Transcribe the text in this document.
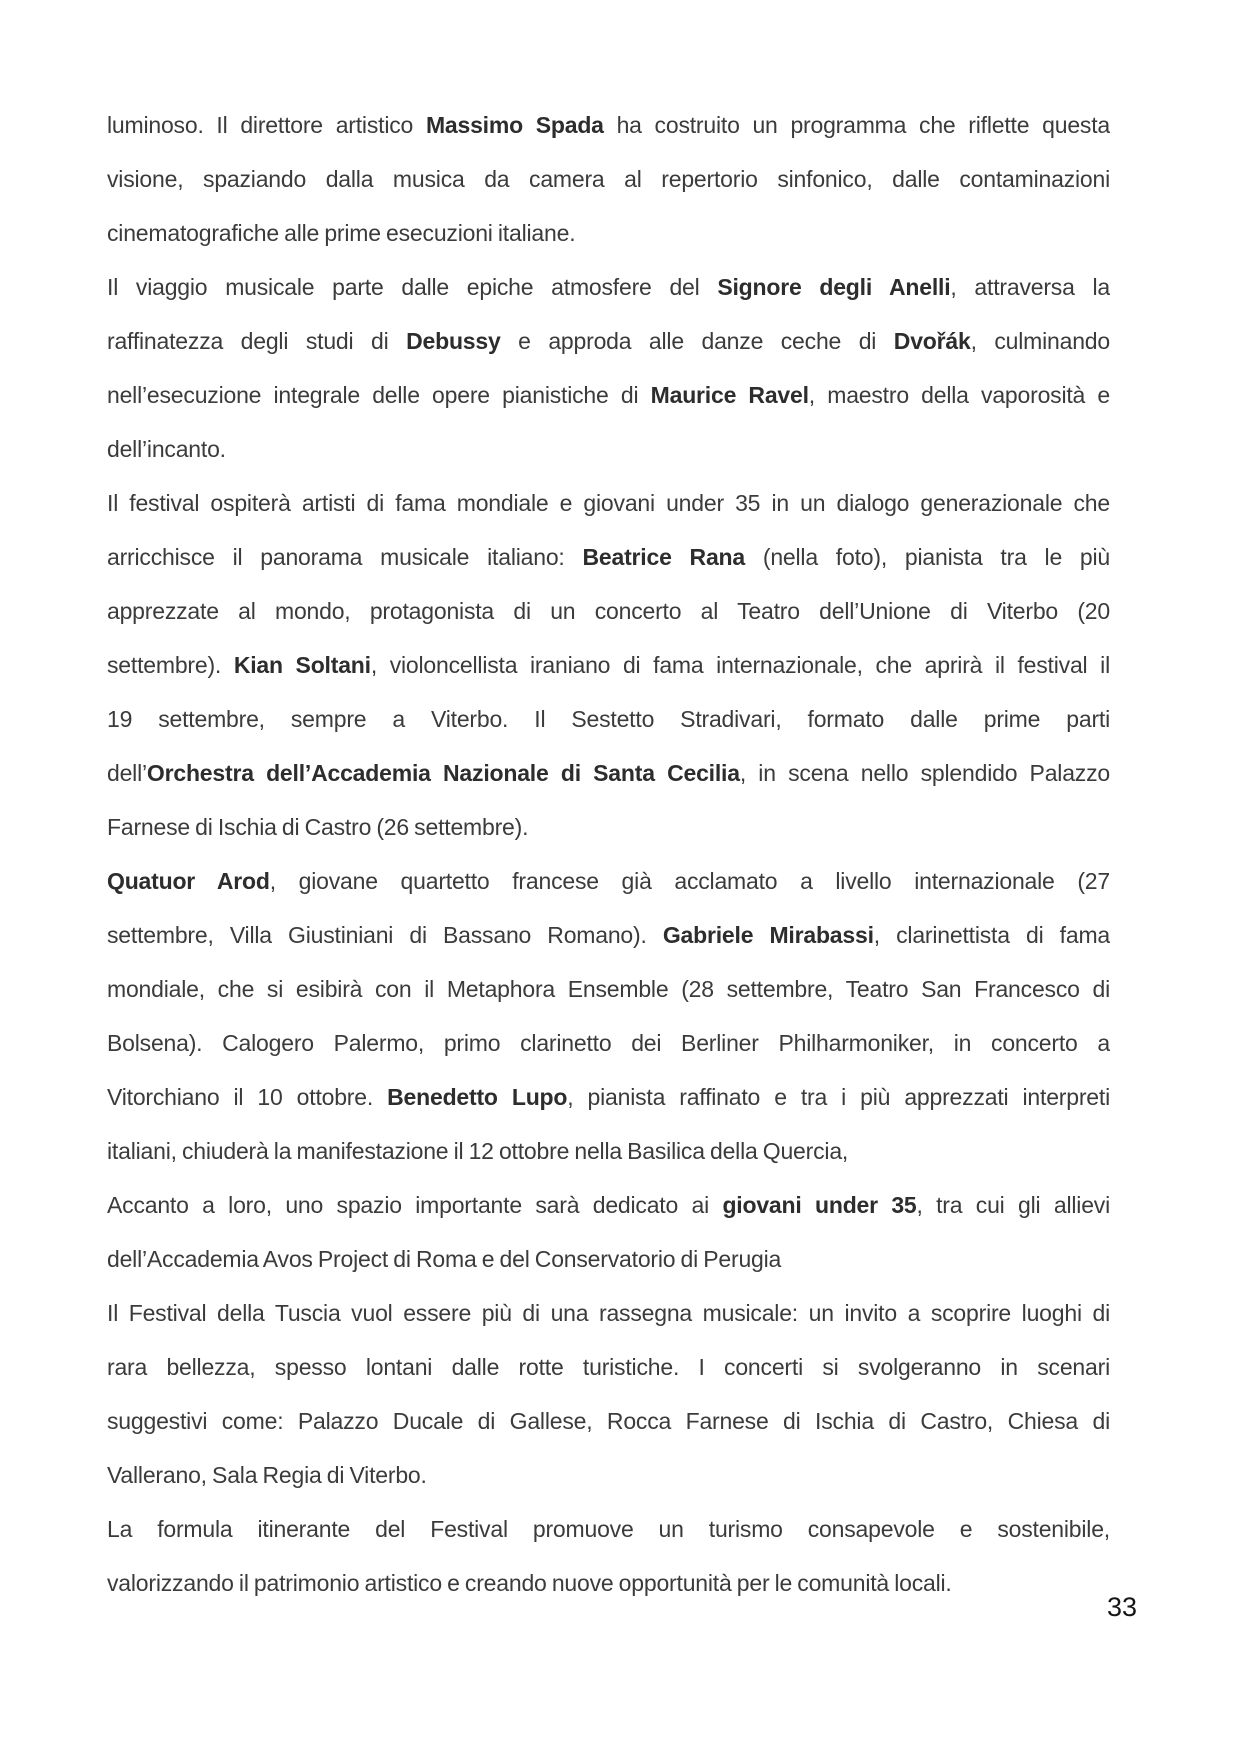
luminoso. Il direttore artistico Massimo Spada ha costruito un programma che riflette questa
visione, spaziando dalla musica da camera al repertorio sinfonico, dalle contaminazioni
cinematografiche alle prime esecuzioni italiane.
Il viaggio musicale parte dalle epiche atmosfere del Signore degli Anelli, attraversa la
raffinatezza degli studi di Debussy e approda alle danze ceche di Dvořák, culminando
nell’esecuzione integrale delle opere pianistiche di Maurice Ravel, maestro della vaporosità e
dell’incanto.
Il festival ospiterà artisti di fama mondiale e giovani under 35 in un dialogo generazionale che
arricchisce il panorama musicale italiano: Beatrice Rana (nella foto), pianista tra le più
apprezzate al mondo, protagonista di un concerto al Teatro dell’Unione di Viterbo (20
settembre). Kian Soltani, violoncellista iraniano di fama internazionale, che aprirà il festival il
19 settembre, sempre a Viterbo. Il Sestetto Stradivari, formato dalle prime parti
dell’Orchestra dell’Accademia Nazionale di Santa Cecilia, in scena nello splendido Palazzo
Farnese di Ischia di Castro (26 settembre).
Quatuor Arod, giovane quartetto francese già acclamato a livello internazionale (27
settembre, Villa Giustiniani di Bassano Romano). Gabriele Mirabassi, clarinettista di fama
mondiale, che si esibirà con il Metaphora Ensemble (28 settembre, Teatro San Francesco di
Bolsena). Calogero Palermo, primo clarinetto dei Berliner Philharmoniker, in concerto a
Vitorchiano il 10 ottobre. Benedetto Lupo, pianista raffinato e tra i più apprezzati interpreti
italiani, chiuderà la manifestazione il 12 ottobre nella Basilica della Quercia,
Accanto a loro, uno spazio importante sarà dedicato ai giovani under 35, tra cui gli allievi
dell’Accademia Avos Project di Roma e del Conservatorio di Perugia
Il Festival della Tuscia vuol essere più di una rassegna musicale: un invito a scoprire luoghi di
rara bellezza, spesso lontani dalle rotte turistiche. I concerti si svolgeranno in scenari
suggestivi come: Palazzo Ducale di Gallese, Rocca Farnese di Ischia di Castro, Chiesa di
Vallerano, Sala Regia di Viterbo.
La formula itinerante del Festival promuove un turismo consapevole e sostenibile,
valorizzando il patrimonio artistico e creando nuove opportunità per le comunità locali.
33
